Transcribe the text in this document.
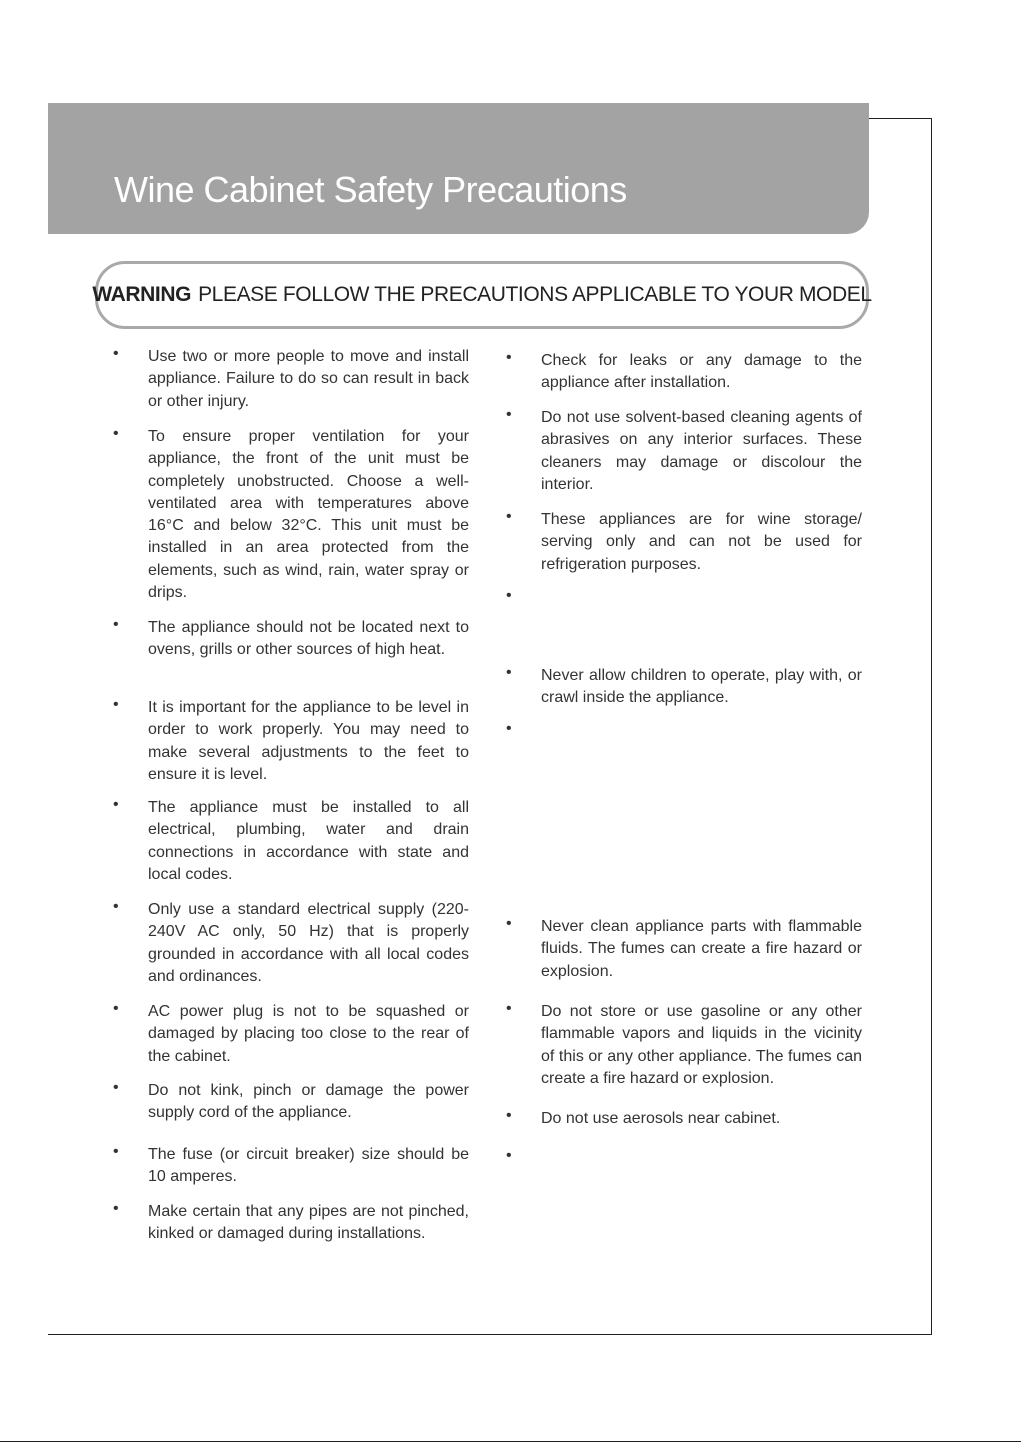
Wine Cabinet Safety Precautions
WARNING PLEASE FOLLOW THE PRECAUTIONS APPLICABLE TO YOUR MODEL
• Use two or more people to move and install appliance. Failure to do so can result in back or other injury.

• To ensure proper ventilation for your appliance, the front of the unit must be completely unobstructed. Choose a well-ventilated area with temperatures above 16°C and below 32°C. This unit must be installed in an area protected from the elements, such as wind, rain, water spray or drips.

• The appliance should not be located next to ovens, grills or other sources of high heat.

• It is important for the appliance to be level in order to work properly. You may need to make several adjustments to the feet to ensure it is level.

• The appliance must be installed to all electrical, plumbing, water and drain connections in accordance with state and local codes.

• Only use a standard electrical supply (220-240V AC only, 50 Hz) that is properly grounded in accordance with all local codes and ordinances.

• AC power plug is not to be squashed or damaged by placing too close to the rear of the cabinet.

• Do not kink, pinch or damage the power supply cord of the appliance.

• The fuse (or circuit breaker) size should be 10 amperes.

• Make certain that any pipes are not pinched, kinked or damaged during installations.

• Check for leaks or any damage to the appliance after installation.

• Do not use solvent-based cleaning agents of abrasives on any interior surfaces. These cleaners may damage or discolour the interior.

• These appliances are for wine storage/ serving only and can not be used for refrigeration purposes.

•

• Never allow children to operate, play with, or crawl inside the appliance.

•

• Never clean appliance parts with flammable fluids. The fumes can create a fire hazard or explosion.

• Do not store or use gasoline or any other flammable vapors and liquids in the vicinity of this or any other appliance. The fumes can create a fire hazard or explosion.

• Do not use aerosols near cabinet.

•
